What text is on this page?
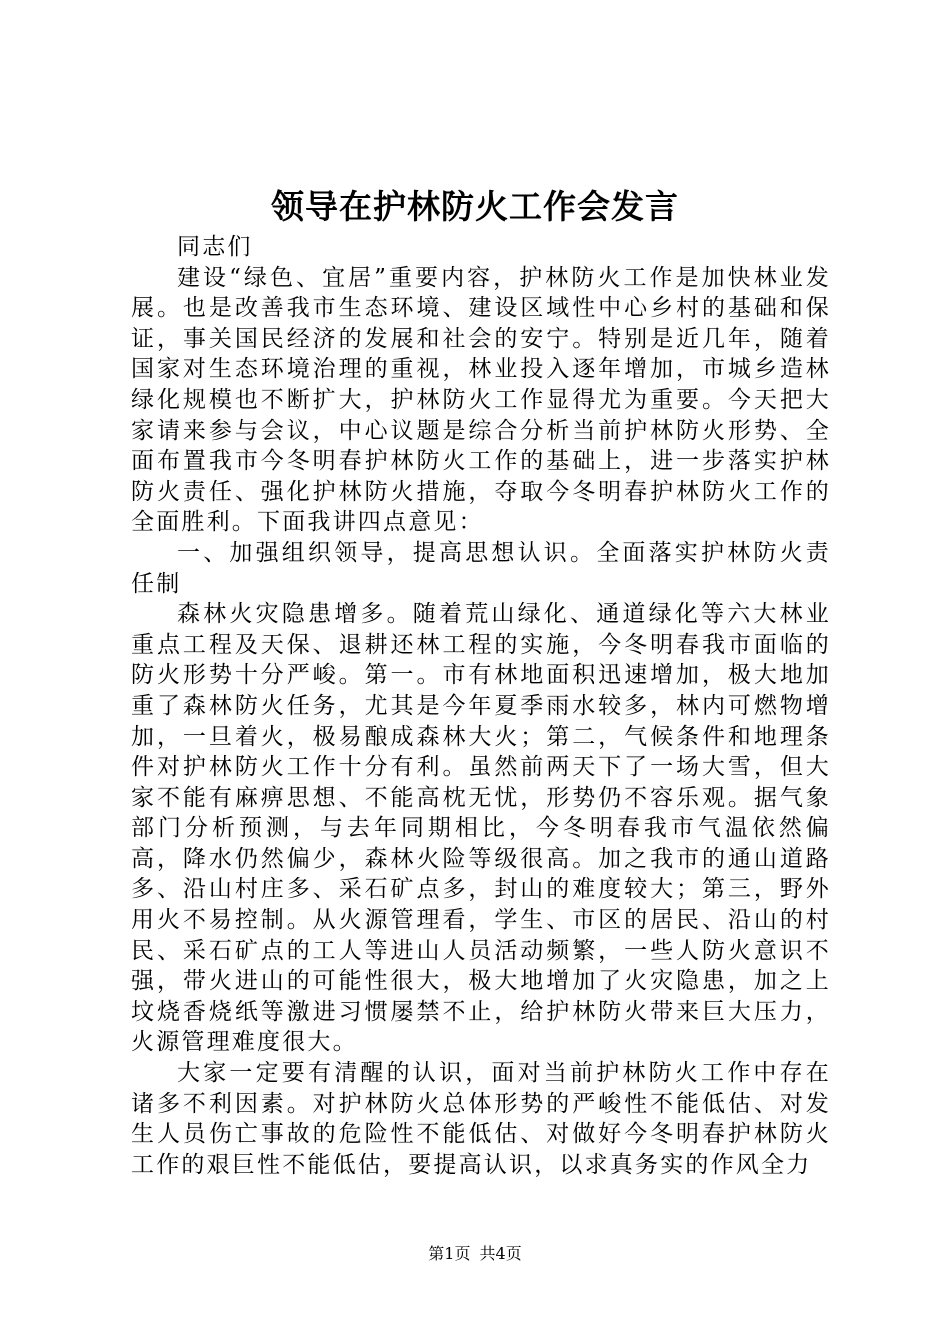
领导在护林防火工作会发言

同志们

建设“绿色、宜居”重要内容，护林防火工作是加快林业发展。也是改善我市生态环境、建设区域性中心乡村的基础和保证，事关国民经济的发展和社会的安宁。特别是近几年，随着国家对生态环境治理的重视，林业投入逐年增加，市城乡造林绿化规模也不断扩大，护林防火工作显得尤为重要。今天把大家请来参与会议，中心议题是综合分析当前护林防火形势、全面布置我市今冬明春护林防火工作的基础上，进一步落实护林防火责任、强化护林防火措施，夺取今冬明春护林防火工作的全面胜利。下面我讲四点意见：

一、加强组织领导，提高思想认识。全面落实护林防火责任制

森林火灾隐患增多。随着荒山绿化、通道绿化等六大林业重点工程及天保、退耕还林工程的实施，今冬明春我市面临的防火形势十分严峻。第一。市有林地面积迅速增加，极大地加重了森林防火任务，尤其是今年夏季雨水较多，林内可燃物增加，一旦着火，极易酿成森林大火；第二，气候条件和地理条件对护林防火工作十分有利。虽然前两天下了一场大雪，但大家不能有麻痹思想、不能高枕无忧，形势仍不容乐观。据气象部门分析预测，与去年同期相比，今冬明春我市气温依然偏高，降水仍然偏少，森林火险等级很高。加之我市的通山道路多、沿山村庄多、采石矿点多，封山的难度较大；第三，野外用火不易控制。从火源管理看，学生、市区的居民、沿山的村民、采石矿点的工人等进山人员活动频繁，一些人防火意识不强，带火进山的可能性很大，极大地增加了火灾隐患，加之上坟烧香烧纸等激进习惯屡禁不止，给护林防火带来巨大压力，火源管理难度很大。

大家一定要有清醒的认识，面对当前护林防火工作中存在诸多不利因素。对护林防火总体形势的严峻性不能低估、对发生人员伤亡事故的危险性不能低估、对做好今冬明春护林防火工作的艰巨性不能低估，要提高认识，以求真务实的作风全力

第1页 共4页
